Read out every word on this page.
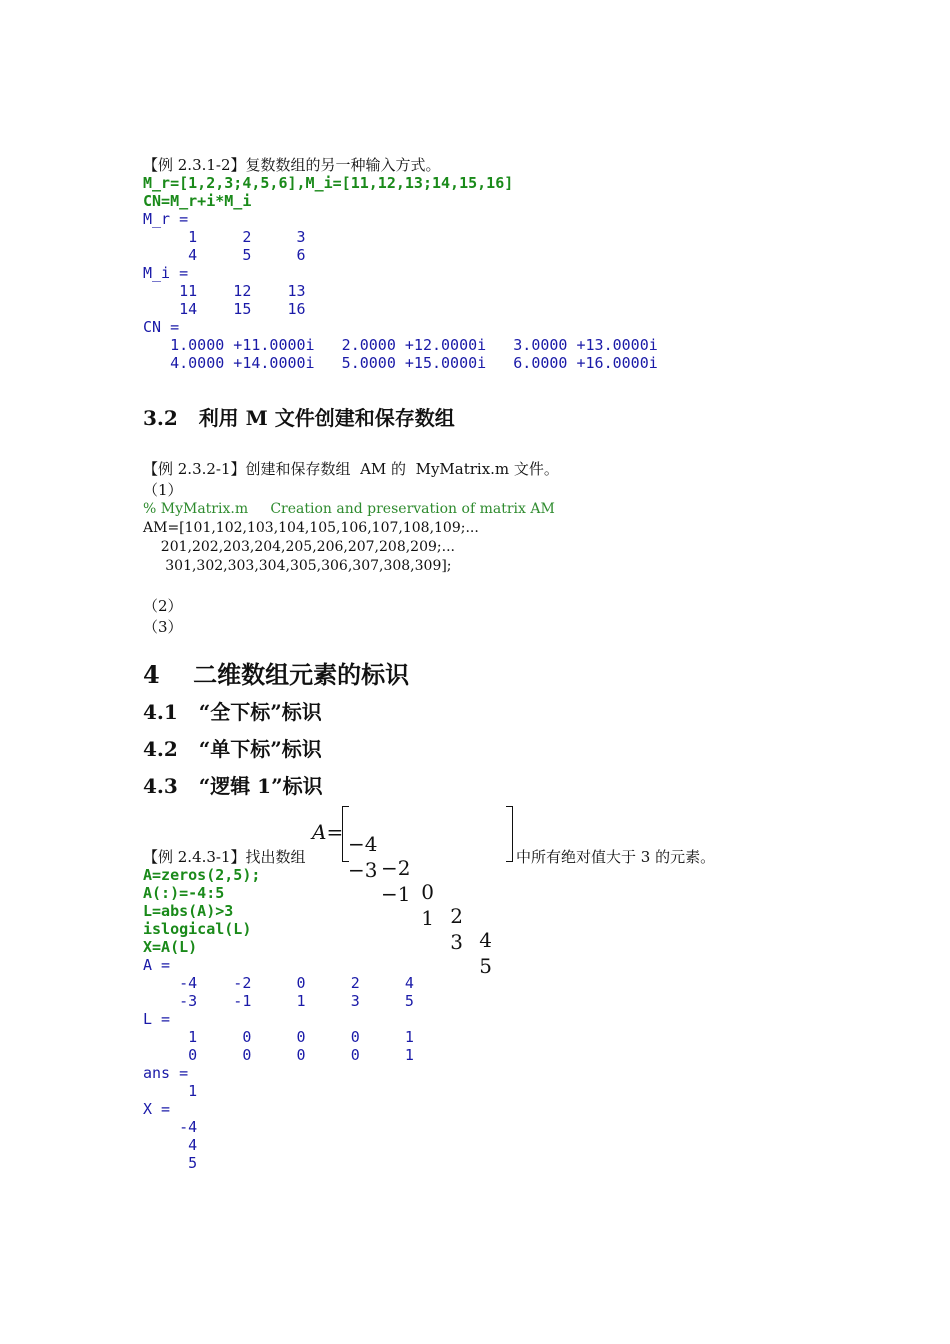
【例 2.3.1-2】复数数组的另一种输入方式。
M_r=[1,2,3;4,5,6],M_i=[11,12,13;14,15,16]
CN=M_r+i*M_i
M_r =
1     2     3
4     5     6
M_i =
11    12    13
14    15    16
CN =
1.0000 +11.0000i   2.0000 +12.0000i   3.0000 +13.0000i
4.0000 +14.0000i   5.0000 +15.0000i   6.0000 +16.0000i
3.2 利用 M 文件创建和保存数组
【例 2.3.2-1】创建和保存数组  AM 的  MyMatrix.m 文件。
（1）
% MyMatrix.m     Creation and preservation of matrix AM
AM=[101,102,103,104,105,106,107,108,109;...
201,202,203,204,205,206,207,208,209;...
301,302,303,304,305,306,307,308,309];
（2）
（3）
4 二维数组元素的标识
4.1 “全下标”标识
4.2 “单下标”标识
4.3 “逻辑 1”标识
【例 2.4.3-1】找出数组
A=

−4

−2

0

2

4

−3

−1

1

3

5

中所有绝对值大于 3 的元素。
A=zeros(2,5);
A(:)=-4:5
L=abs(A)>3
islogical(L)
X=A(L)
A =
-4    -2     0     2     4
-3    -1     1     3     5
L =
1     0     0     0     1
0     0     0     0     1
ans =
1
X =
-4
4
5
